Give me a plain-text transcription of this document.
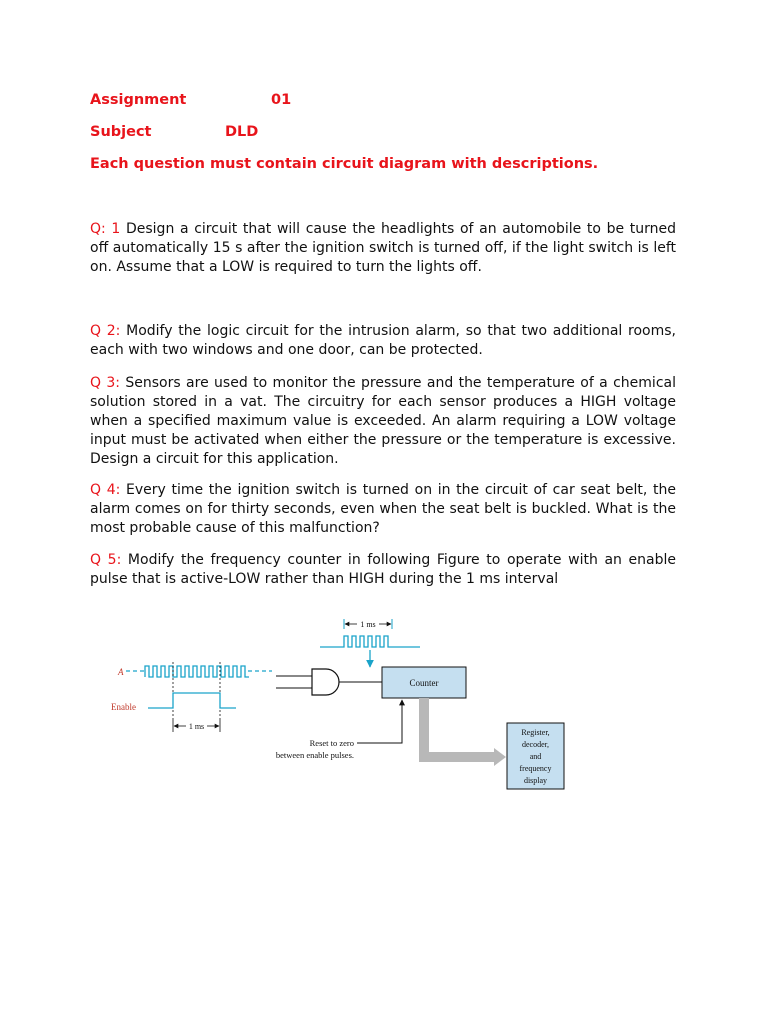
Assignment	01
Subject	DLD
Each question must contain circuit diagram with descriptions.
Q: 1 Design a circuit that will cause the headlights of an automobile to be turned off automatically 15 s after the ignition switch is turned off, if the light switch is left on. Assume that a LOW is required to turn the lights off.
Q 2: Modify the logic circuit for the intrusion alarm, so that two additional rooms, each with two windows and one door, can be protected.
Q 3: Sensors are used to monitor the pressure and the temperature of a chemical solution stored in a vat. The circuitry for each sensor produces a HIGH voltage when a specified maximum value is exceeded. An alarm requiring a LOW voltage input must be activated when either the pressure or the temperature is excessive. Design a circuit for this application.
Q 4: Every time the ignition switch is turned on in the circuit of car seat belt, the alarm comes on for thirty seconds, even when the seat belt is buckled. What is the most probable cause of this malfunction?
Q 5: Modify the frequency counter in following Figure to operate with an enable pulse that is active-LOW rather than HIGH during the 1 ms interval
1 ms
A
Enable
1 ms
Counter
Reset to zero
between enable pulses.
Register,
decoder,
and
frequency
display
